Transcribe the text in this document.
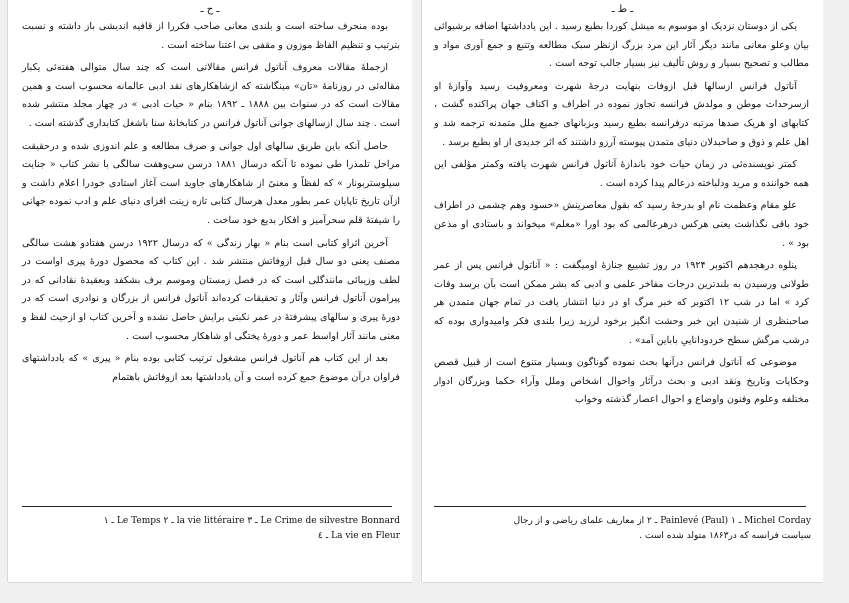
ـ ح ـ

بوده منحرف ساخته است و بلندی معانی صاحب فکررا از قافیه اندیشی باز داشته و نسبت بترتیب و تنظیم الفاظ موزون و مقفی بی اعتنا ساخته است .

ازجملهٔ مقالات معروف آناتول فرانس مقالاتی است که چند سال متوالی هفته‌ئی یکبار مقاله‌ئی در روزنامهٔ «تان» مینگاشته که ازشاهکارهای نقد ادبی عالمانه محسوب است و همین مقالات است که در سنوات بین ۱۸۸۸ ـ ۱۸۹۲ بنام « حیات ادبی » در چهار مجلد منتشر شده است . چند سال ازسالهای جوانی آناتول فرانس در کتابخانهٔ سنا باشغل کتابداری گذشته است .

حاصل آنکه باین طریق سالهای اول جوانی و صرف مطالعه و علم اندوزی شده و درحقیقت مراحل تلمذرا طی نموده تا آنکه درسال ۱۸۸۱ درسن سی‌وهفت سالگی با نشر کتاب « جنایت سیلوستربونار » که لفظاً و معنیً از شاهکارهای جاوید است آغاز استادی خودرا اعلام داشت و ازآن تاریخ تاپایان عمر بطور معدل هرسال کتابی تازه زینت افزای دنیای علم و ادب نموده جهانی را شیفتهٔ قلم سحرآمیز و افکار بدیع خود ساخت .

آخرین اثراو کتابی است بنام « بهار زندگی » که درسال ۱۹۲۲ درسن هفتادو هشت سالگی مصنف یعنی دو سال قبل ازوفاتش منتشر شد . این کتاب که محصول دورهٔ پیری اواست در لطف وزیبائی مانندگلی است که در فصل زمستان وموسم برف بشکفد وبعقیدهٔ نقادانی که در پیرامون آناتول فرانس وآثار و تحقیقات کرده‌اند آناتول فرانس از بزرگان و نوادری است که در دورهٔ پیری و سالهای پیشرفتهٔ در عمر نکبتی برایش حاصل نشده و آخرین کتاب او ازحیث لفظ و معنی مانند آثار اواسط عمر و دورهٔ پختگی او شاهکار محسوب است .

بعد از این کتاب هم آناتول فرانس مشغول ترتیب کتابی بوده بنام « پیری » که یادداشتهای فراوان درآن موضوع جمع کرده است و آن یادداشتها بعد ازوفاتش باهتمام

Le Crime de silvestre Bonnard ـ ٣ la vie littéraire ـ ٢ Le Temps ـ ١
La vie en Fleur ـ ٤
ـ ط ـ

یکی از دوستان نزدیک او موسوم به میشل کوردا بطبع رسید . این یادداشتها اضافه برشیوائی بیان وعلو معانی مانند دیگر آثار این مرد بزرگ ازنظر سبک مطالعه وتتبع و جمع آوری مواد و مطالب و تصحیح بسیار و روش تألیف نیز بسیار جالب توجه است .

آناتول فرانس ازسالها قبل ازوفات بنهایت درجهٔ شهرت ومعروفیت رسید وآوازهٔ او ازسرحدات موطن و مولدش فرانسه تجاوز نموده در اطراف و اکناف جهان پراکنده گشت ، کتابهای او هریک صدها مرتبه درفرانسه بطبع رسید وبزبانهای جمیع ملل متمدنه ترجمه شد و اهل علم و ذوق و صاحبدلان دنیای متمدن پیوسته آرزو داشتند که اثر جدیدی از او بطبع برسد .

کمتر نویسنده‌ئی در زمان حیات خود باندازهٔ آناتول فرانس شهرت یافته وکمتر مؤلفی این همه خواننده و مرید ودلباخته درعالم پیدا کرده است .

علو مقام وعظمت نام او بدرجهٔ رسید که بقول معاصرینش «حسود وهم چشمی در اطراف خود باقی نگذاشت یعنی هرکس درهرعالمی که بود اورا «معلم» میخواند و باستادی او مذعن بود » .

پنلوه درهجدهم اکتوبر ۱۹۲۴ در روز تشییع جنازهٔ اومیگفت : « آناتول فرانس پس از عمر طولانی ورسیدن به بلندترین درجات مفاخر علمی و ادبی که بشر ممکن است بآن برسد وفات کرد » اما در شب ۱۲ اکتوبر که خبر مرگ او در دنیا انتشار یافت در تمام جهان متمدن هر صاحبنظری از شنیدن این خبر وحشت انگیز برخود لرزید زیرا بلندی فکر وامیدواری بوده که درشب مرگش سطح خردوداناییِ باباین آمد» .

موضوعی که آناتول فرانس درآنها بحث نموده گوناگون وبسیار متنوع است از قبیل قصص وحکایات وتاریخ ونقد ادبی و بحث درآثار واحوال اشخاص وملل وآراء حکما وبزرگان ادوار مختلفه وعلوم وفنون واوضاع و احوال اعصار گذشته وخواب

Michel Corday ـ ١ Painlevé (Paul) ـ ٢ از معاریف علمای ریاضی و از رجال
سیاست فرانسه که در۱۸۶۳ متولد شده است .
